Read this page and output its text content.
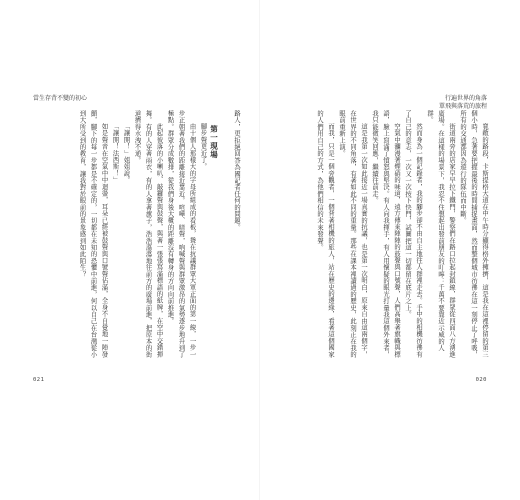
當生存背不變的初心

路人，更拒絕回答為國記者任何的問題。

第一現場

腳步聲更近了。

由十個人那樣大的字母所組成的看板，聳在抗議群眾大軍正面的第一線，一步一步正朝著我們的距離接近靠近。喧嘩、暗聲，吶喊聲與群眾激昂的氣勢逐步地升到了極點。群眾分成數排，從我們身後大概的距離沒有轉身的方向向前推進。

此起彼落的小喇叭、敲鑼聲與鼓聲，與著一張張寫滿標語的紙牌，在空中交錯揮舞。有的人穿著雨衣，有的人拿著旗子，浩浩蕩蕩地往前方的廣場前進，把原本的街道擠得水洩不通。

「讓開！」姐姐說。

「讓開！法西斯！」

如是聲音在空氣中中迴盪，耳朵已經被鼓聲與口號聲佔滿，全身不自覺地一陣發顫，腳下的每一步都是不確定的，一切都在未知的恐懼中前進，何以自己在台灣從小到大所受到的教育，讓我對於眼前的景象感到如此陌生？

021
行遍世界的角落
單飛與落荒的旅程

寬敞的路段，卡斯提格大道在中午時分顯得格外擁擠，這是我在這裡停留的第三個小時，急著要把握最後的時間捕捉畫面，然而整個城市彷彿在這一刻停止了呼吸，所有的交通都因為遊行的隊伍而中斷。

街道兩旁的店家早早拉下鐵門，警察們在路口拉起封鎖線，群眾從四面八方湧進廣場。在這樣的場景下，我忍不住想起出發前朋友的叮嚀：千萬不要靠近示威的人群。

然而身為一個記錄者，我的腳步卻不由自主地往人群裡走去。手中的相機彷彿有了自己的意志，一次又一次按下快門，試圖把這一切都留在底片之上。

空氣中瀰漫著煙硝的味道，遠方傳來陣陣的鼓聲與口號聲，人們高舉著旗幟與標語，臉上寫滿了憤怒與堅決。有人向我揮手，有人用懷疑的眼光打量我這個外來者，我只能微笑回應，繼續往前走。

這是我第一次如此接近一場真實的抗議，也是第一次明白，原來自由這兩個字，在世界的不同角落，有著如此不同的重量。那些在課本裡讀過的歷史，此刻正在我的眼前重新上演。

而我，只是一個旁觀者，一個背著相機的旅人，站在歷史的邊緣，看著這個國家的人們用自己的方式，為他們相信的未來發聲。

020
